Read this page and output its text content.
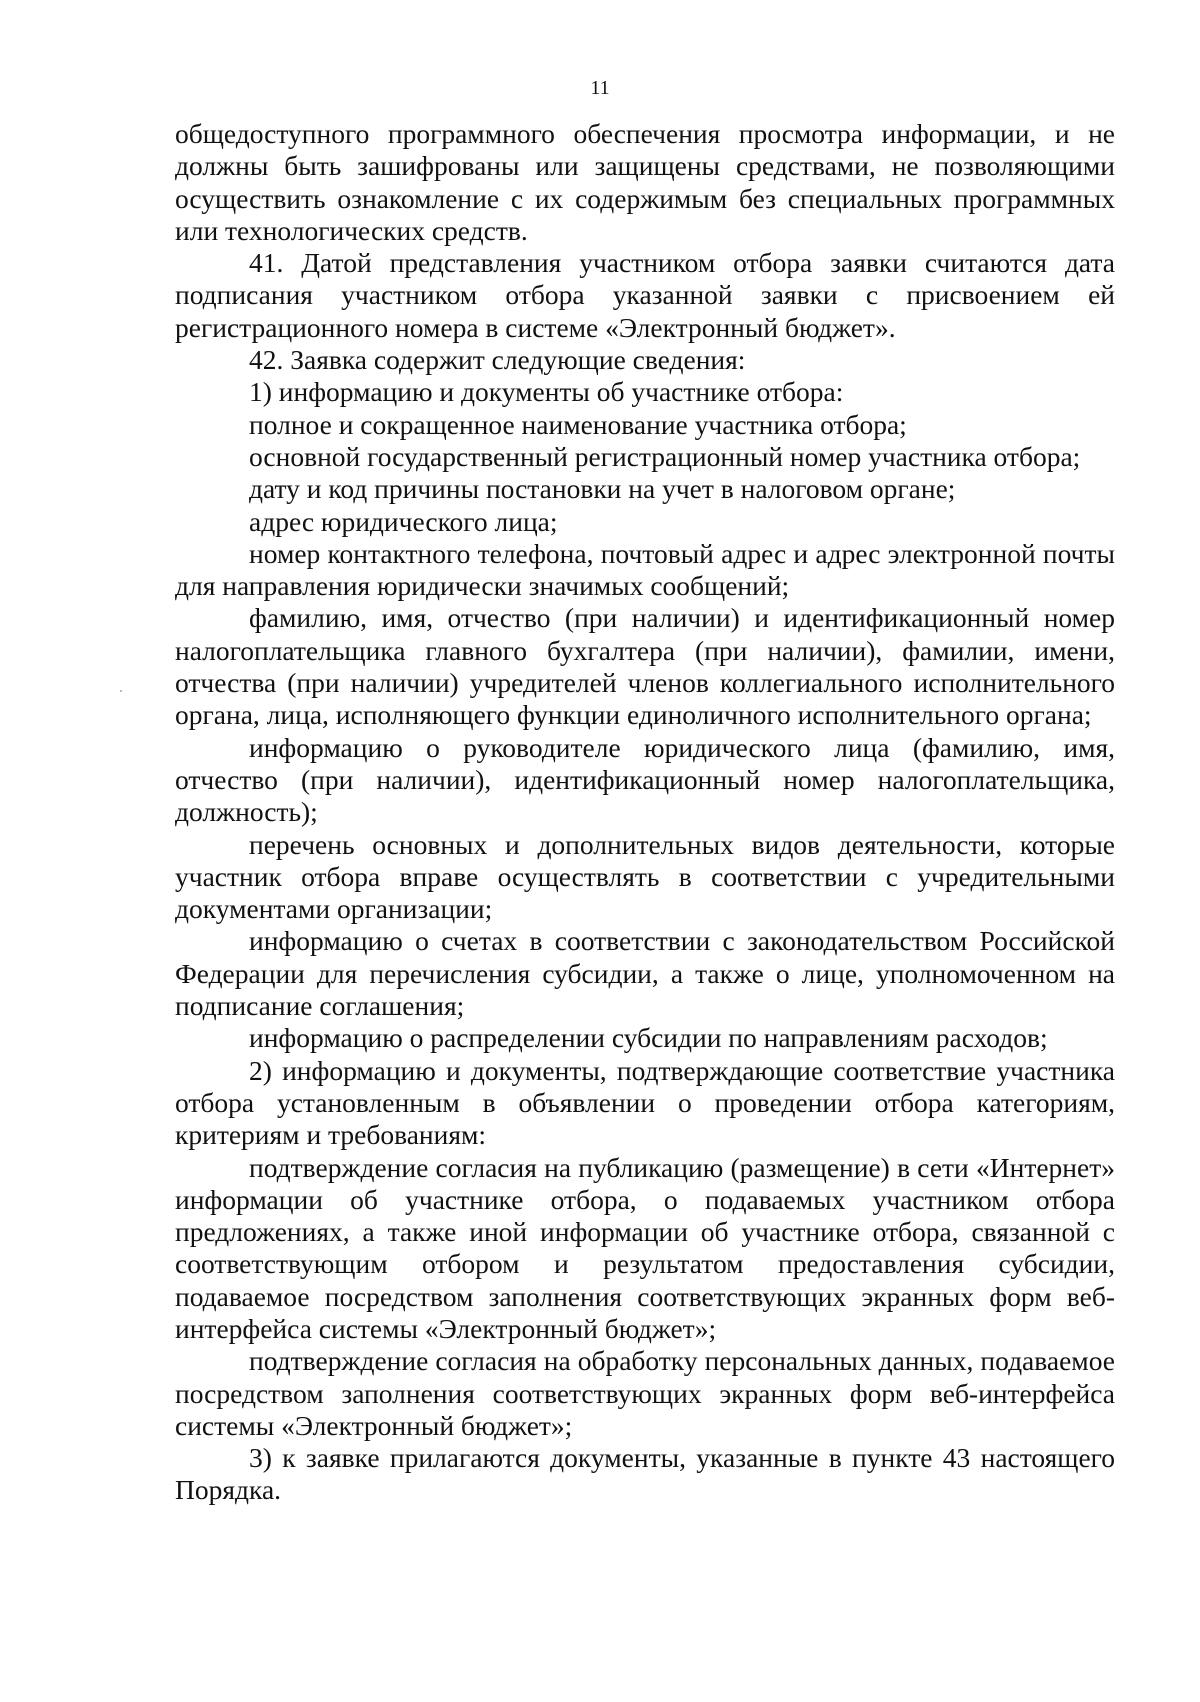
11

общедоступного программного обеспечения просмотра информации, и не должны быть зашифрованы или защищены средствами, не позволяющими осуществить ознакомление с их содержимым без специальных программных или технологических средств.

41. Датой представления участником отбора заявки считаются дата подписания участником отбора указанной заявки с присвоением ей регистрационного номера в системе «Электронный бюджет».

42. Заявка содержит следующие сведения:

1) информацию и документы об участнике отбора:

полное и сокращенное наименование участника отбора;

основной государственный регистрационный номер участника отбора;

дату и код причины постановки на учет в налоговом органе;

адрес юридического лица;

номер контактного телефона, почтовый адрес и адрес электронной почты для направления юридически значимых сообщений;

фамилию, имя, отчество (при наличии) и идентификационный номер налогоплательщика главного бухгалтера (при наличии), фамилии, имени, отчества (при наличии) учредителей членов коллегиального исполнительного органа, лица, исполняющего функции единоличного исполнительного органа;

информацию о руководителе юридического лица (фамилию, имя, отчество (при наличии), идентификационный номер налогоплательщика, должность);

перечень основных и дополнительных видов деятельности, которые участник отбора вправе осуществлять в соответствии с учредительными документами организации;

информацию о счетах в соответствии с законодательством Российской Федерации для перечисления субсидии, а также о лице, уполномоченном на подписание соглашения;

информацию о распределении субсидии по направлениям расходов;

2) информацию и документы, подтверждающие соответствие участника отбора установленным в объявлении о проведении отбора категориям, критериям и требованиям:

подтверждение согласия на публикацию (размещение) в сети «Интернет» информации об участнике отбора, о подаваемых участником отбора предложениях, а также иной информации об участнике отбора, связанной с соответствующим отбором и результатом предоставления субсидии, подаваемое посредством заполнения соответствующих экранных форм веб-интерфейса системы «Электронный бюджет»;

подтверждение согласия на обработку персональных данных, подаваемое посредством заполнения соответствующих экранных форм веб-интерфейса системы «Электронный бюджет»;

3) к заявке прилагаются документы, указанные в пункте 43 настоящего Порядка.
